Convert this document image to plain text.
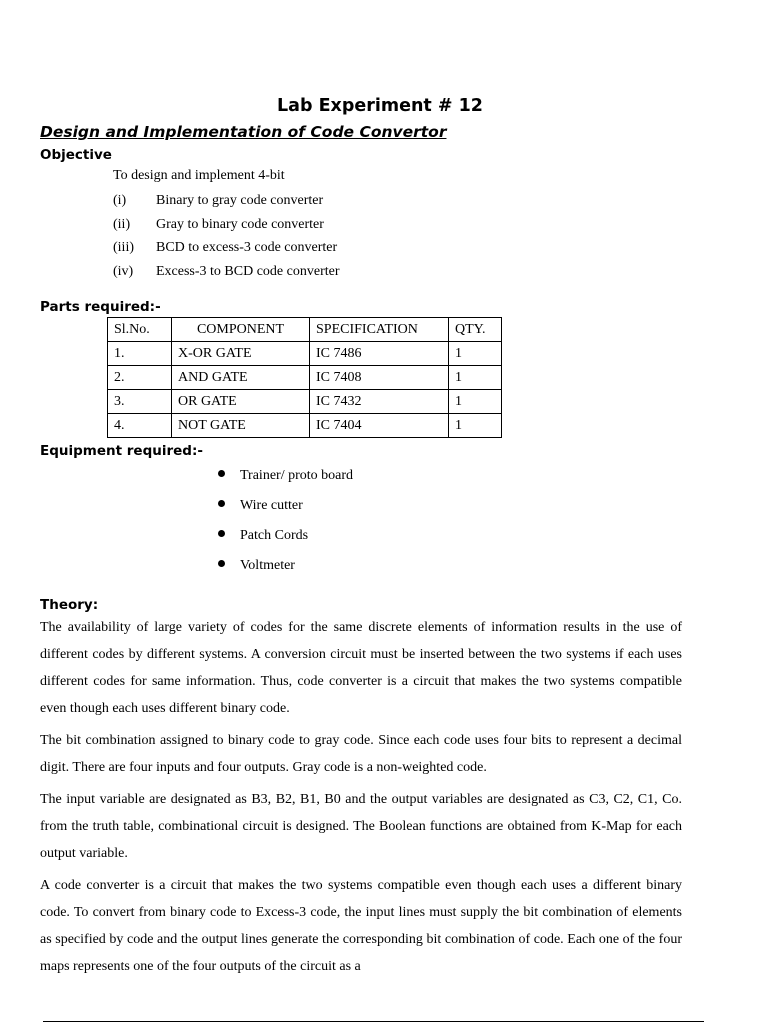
Lab Experiment # 12
Design and Implementation of Code Convertor
Objective
To design and implement 4-bit
(i) Binary to gray code converter
(ii) Gray to binary code converter
(iii) BCD to excess-3 code converter
(iv) Excess-3 to BCD code converter
Parts required:-
Sl.No.	COMPONENT	SPECIFICATION	QTY.
1.	X-OR GATE	IC 7486	1
2.	AND GATE	IC 7408	1
3.	OR GATE	IC 7432	1
4.	NOT GATE	IC 7404	1
Equipment required:-
Trainer/ proto board
Wire cutter
Patch Cords
Voltmeter
Theory:

The availability of large variety of codes for the same discrete elements of information results in the use of different codes by different systems. A conversion circuit must be inserted between the two systems if each uses different codes for same information. Thus, code converter is a circuit that makes the two systems compatible even though each uses different binary code.

The bit combination assigned to binary code to gray code. Since each code uses four bits to represent a decimal digit. There are four inputs and four outputs. Gray code is a non-weighted code.

The input variable are designated as B3, B2, B1, B0 and the output variables are designated as C3, C2, C1, Co. from the truth table, combinational circuit is designed. The Boolean functions are obtained from K-Map for each output variable.

A code converter is a circuit that makes the two systems compatible even though each uses a different binary code. To convert from binary code to Excess-3 code, the input lines must supply the bit combination of elements as specified by code and the output lines generate the corresponding bit combination of code. Each one of the four maps represents one of the four outputs of the circuit as a
